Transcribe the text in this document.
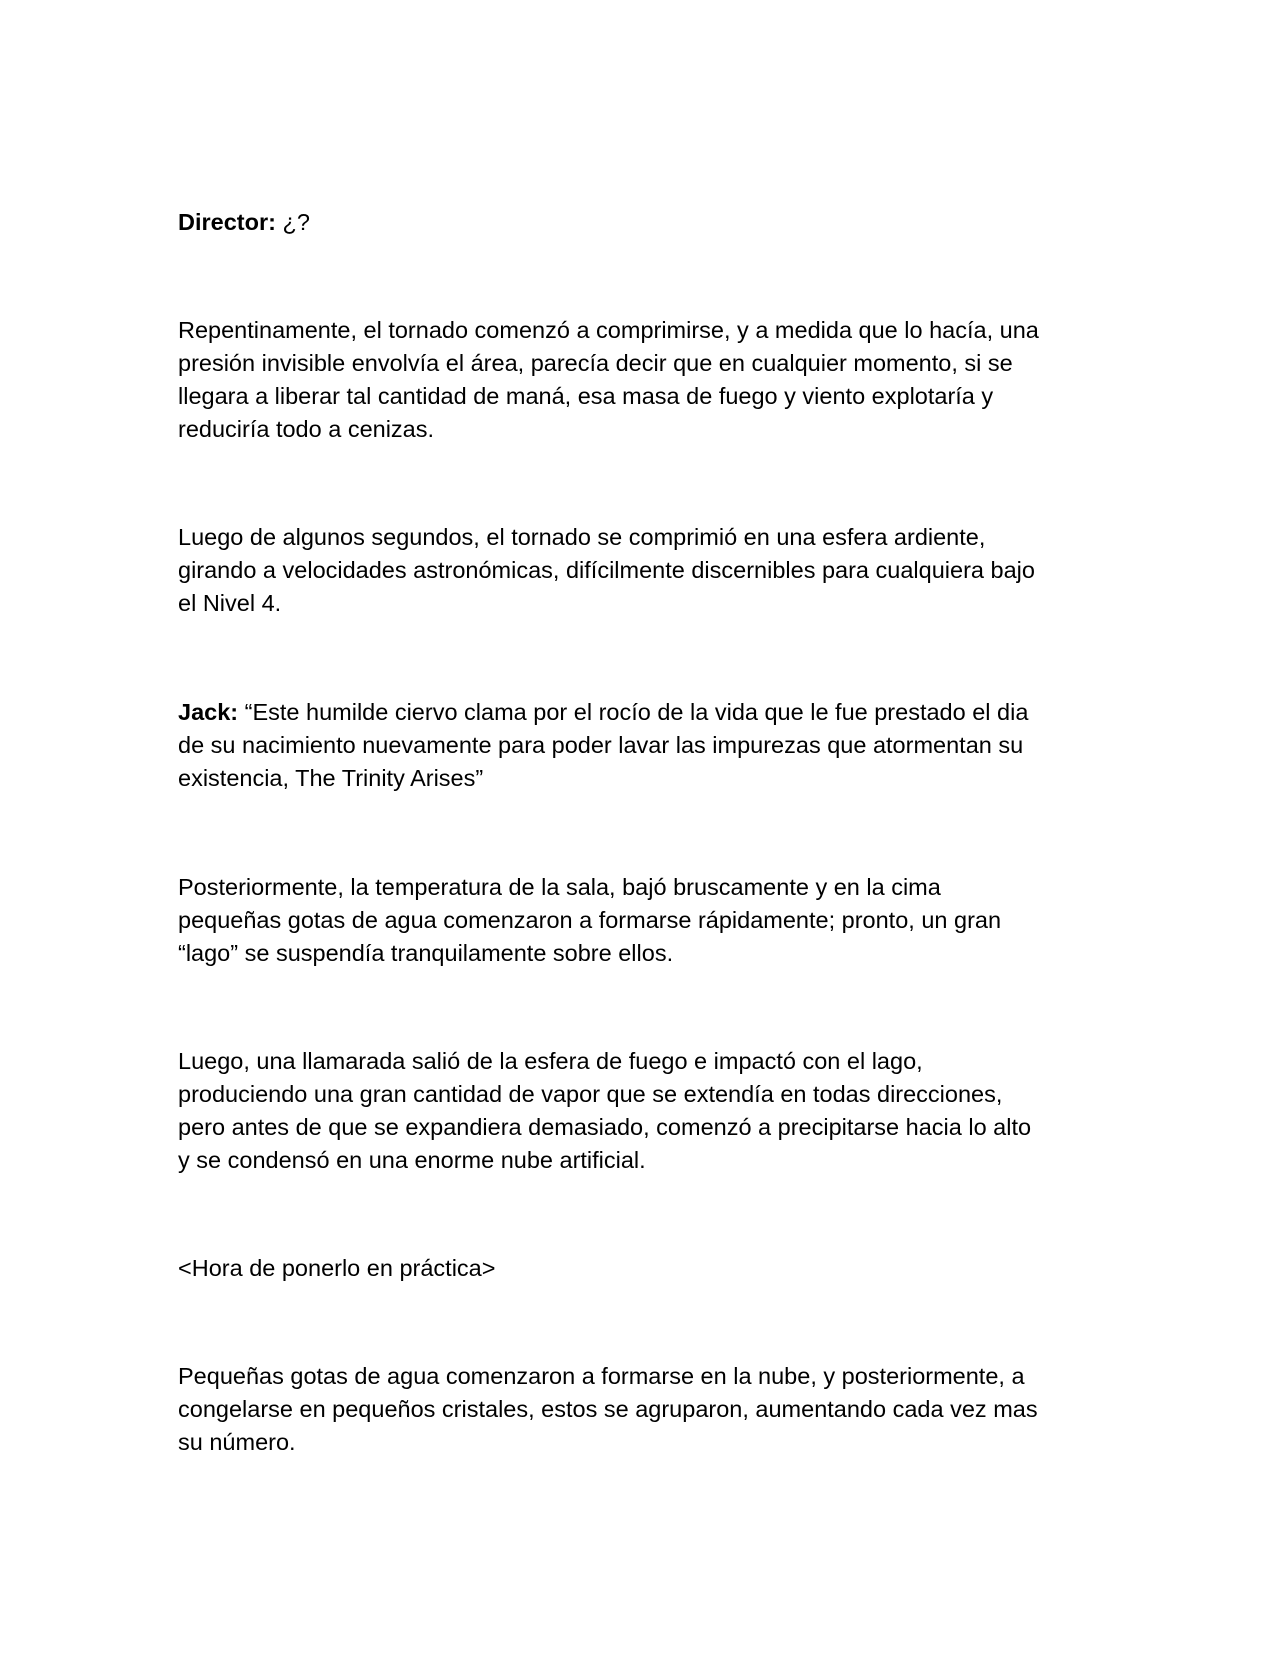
Director: ¿?

Repentinamente, el tornado comenzó a comprimirse, y a medida que lo hacía, una
presión invisible envolvía el área, parecía decir que en cualquier momento, si se
llegara a liberar tal cantidad de maná, esa masa de fuego y viento explotaría y
reduciría todo a cenizas.

Luego de algunos segundos, el tornado se comprimió en una esfera ardiente,
girando a velocidades astronómicas, difícilmente discernibles para cualquiera bajo
el Nivel 4.

Jack: “Este humilde ciervo clama por el rocío de la vida que le fue prestado el dia
de su nacimiento nuevamente para poder lavar las impurezas que atormentan su
existencia, The Trinity Arises”

Posteriormente, la temperatura de la sala, bajó bruscamente y en la cima
pequeñas gotas de agua comenzaron a formarse rápidamente; pronto, un gran
“lago” se suspendía tranquilamente sobre ellos.

Luego, una llamarada salió de la esfera de fuego e impactó con el lago,
produciendo una gran cantidad de vapor que se extendía en todas direcciones,
pero antes de que se expandiera demasiado, comenzó a precipitarse hacia lo alto
y se condensó en una enorme nube artificial.

<Hora de ponerlo en práctica>

Pequeñas gotas de agua comenzaron a formarse en la nube, y posteriormente, a
congelarse en pequeños cristales, estos se agruparon, aumentando cada vez mas
su número.
